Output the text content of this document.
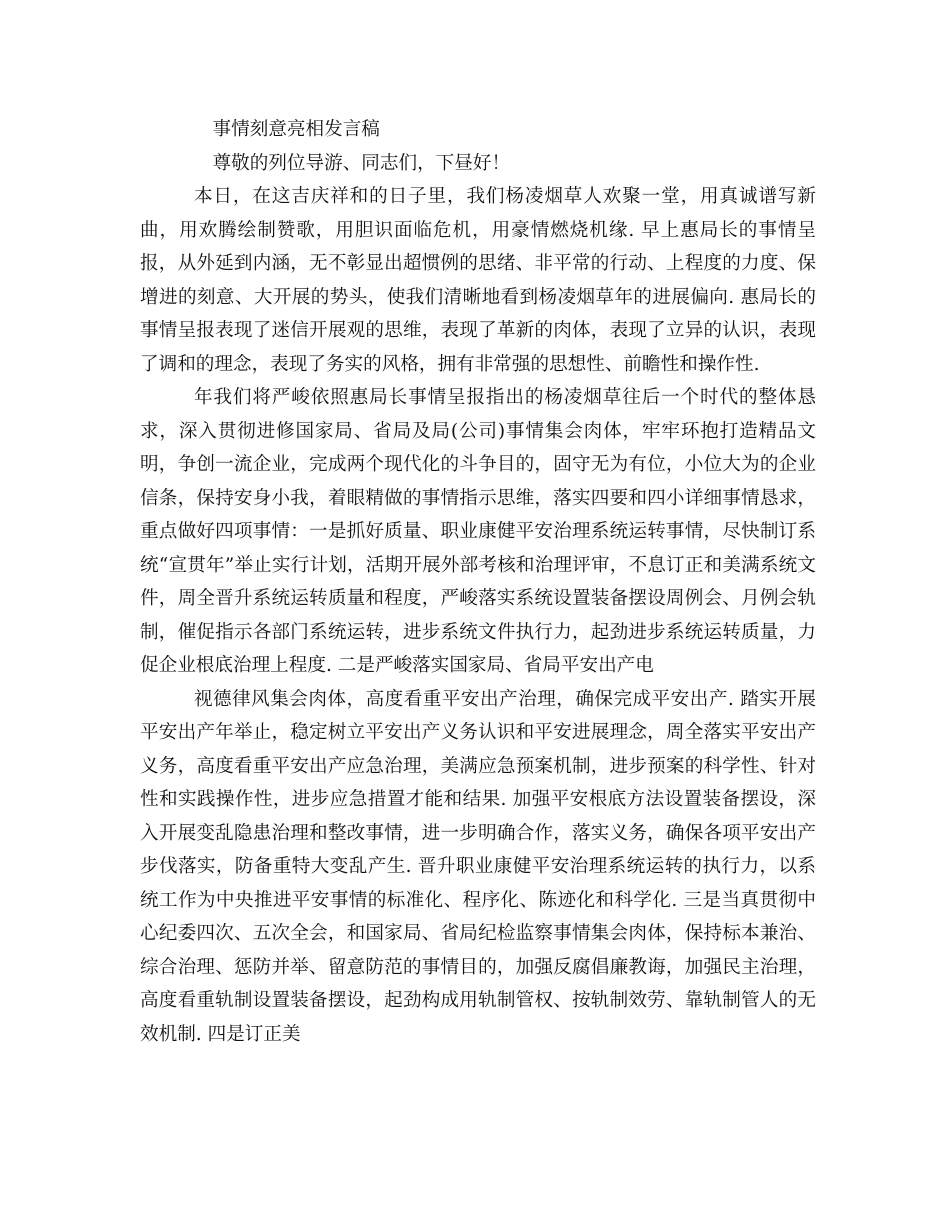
事情刻意亮相发言稿

尊敬的列位导游、同志们，下昼好！

本日，在这吉庆祥和的日子里，我们杨凌烟草人欢聚一堂，用真诚谱写新曲，用欢腾绘制赞歌，用胆识面临危机，用豪情燃烧机缘. 早上惠局长的事情呈报，从外延到内涵，无不彰显出超惯例的思绪、非平常的行动、上程度的力度、保增进的刻意、大开展的势头，使我们清晰地看到杨凌烟草年的进展偏向. 惠局长的事情呈报表现了迷信开展观的思维，表现了革新的肉体，表现了立异的认识，表现了调和的理念，表现了务实的风格，拥有非常强的思想性、前瞻性和操作性.

年我们将严峻依照惠局长事情呈报指出的杨凌烟草往后一个时代的整体恳求，深入贯彻进修国家局、省局及局(公司)事情集会肉体，牢牢环抱打造精品文明，争创一流企业，完成两个现代化的斗争目的，固守无为有位，小位大为的企业信条，保持安身小我，着眼精做的事情指示思维，落实四要和四小详细事情恳求，重点做好四项事情：一是抓好质量、职业康健平安治理系统运转事情，尽快制订系统“宣贯年”举止实行计划，活期开展外部考核和治理评审，不息订正和美满系统文件，周全晋升系统运转质量和程度，严峻落实系统设置装备摆设周例会、月例会轨制，催促指示各部门系统运转，进步系统文件执行力，起劲进步系统运转质量，力促企业根底治理上程度. 二是严峻落实国家局、省局平安出产电

视德律风集会肉体，高度看重平安出产治理，确保完成平安出产. 踏实开展平安出产年举止，稳定树立平安出产义务认识和平安进展理念，周全落实平安出产义务，高度看重平安出产应急治理，美满应急预案机制，进步预案的科学性、针对性和实践操作性，进步应急措置才能和结果. 加强平安根底方法设置装备摆设，深入开展变乱隐患治理和整改事情，进一步明确合作，落实义务，确保各项平安出产步伐落实，防备重特大变乱产生. 晋升职业康健平安治理系统运转的执行力，以系统工作为中央推进平安事情的标准化、程序化、陈迹化和科学化. 三是当真贯彻中心纪委四次、五次全会，和国家局、省局纪检监察事情集会肉体，保持标本兼治、综合治理、惩防并举、留意防范的事情目的，加强反腐倡廉教诲，加强民主治理，高度看重轨制设置装备摆设，起劲构成用轨制管权、按轨制效劳、靠轨制管人的无效机制. 四是订正美
